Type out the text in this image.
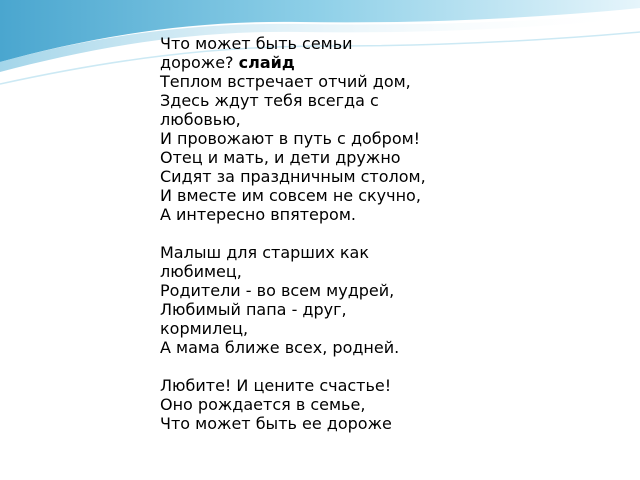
Что может быть семьи
дороже? слайд
Теплом встречает отчий дом,
Здесь ждут тебя всегда с
любовью,
И провожают в путь с добром!
Отец и мать, и дети дружно
Сидят за праздничным столом,
И вместе им совсем не скучно,
А интересно впятером.
Малыш для старших как
любимец,
Родители - во всем мудрей,
Любимый папа - друг,
кормилец,
А мама ближе всех, родней.
Любите! И цените счастье!
Оно рождается в семье,
Что может быть ее дороже
